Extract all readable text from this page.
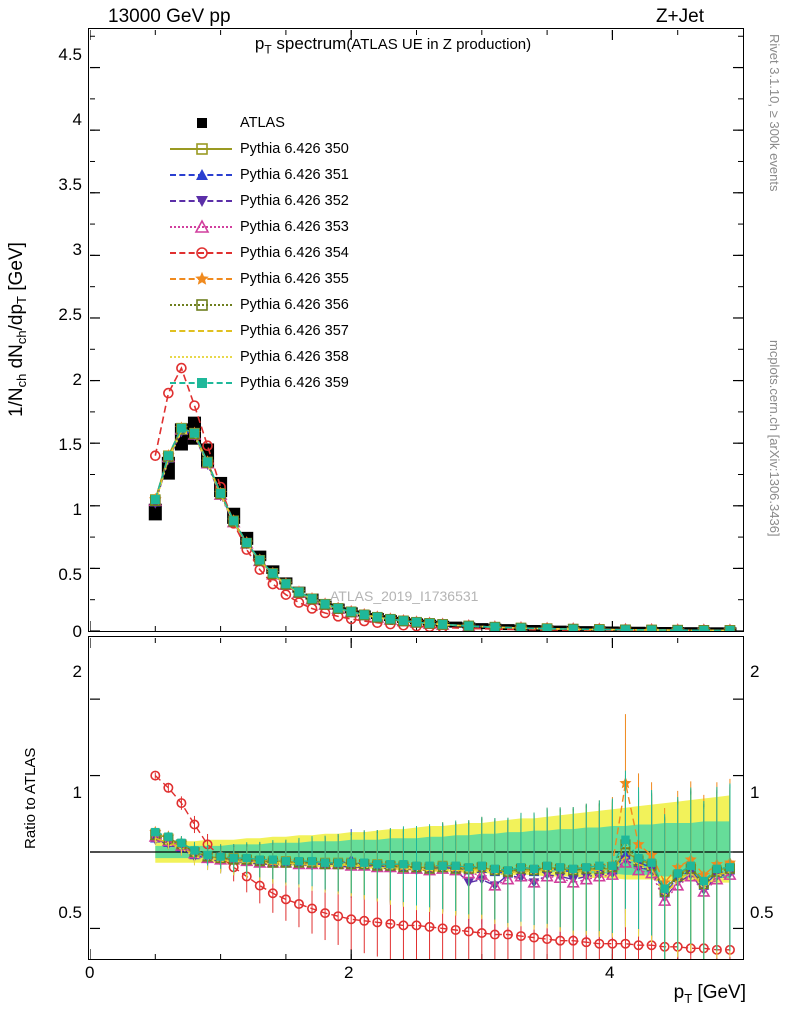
13000 GeV pp	Z+Jet
Rivet 3.1.10, ≥ 300k events
mcplots.cern.ch [arXiv:1306.3436]
$1/N_{ch}$ $dN_{ch}/dp_T$ [GeV]
Ratio to ATLAS
$p_T$ [GeV]
$p_T$ spectrum(ATLAS UE in Z production)
4.5
4
3.5
3
2.5
2
1.5
1
0.5
0
ATLAS_2019_I1736531
ATLAS
Pythia 6.426 350
Pythia 6.426 351
Pythia 6.426 352
Pythia 6.426 353
Pythia 6.426 354
Pythia 6.426 355
Pythia 6.426 356
Pythia 6.426 357
Pythia 6.426 358
Pythia 6.426 359
2
1
0.5
2
1
0.5
0	2	4
